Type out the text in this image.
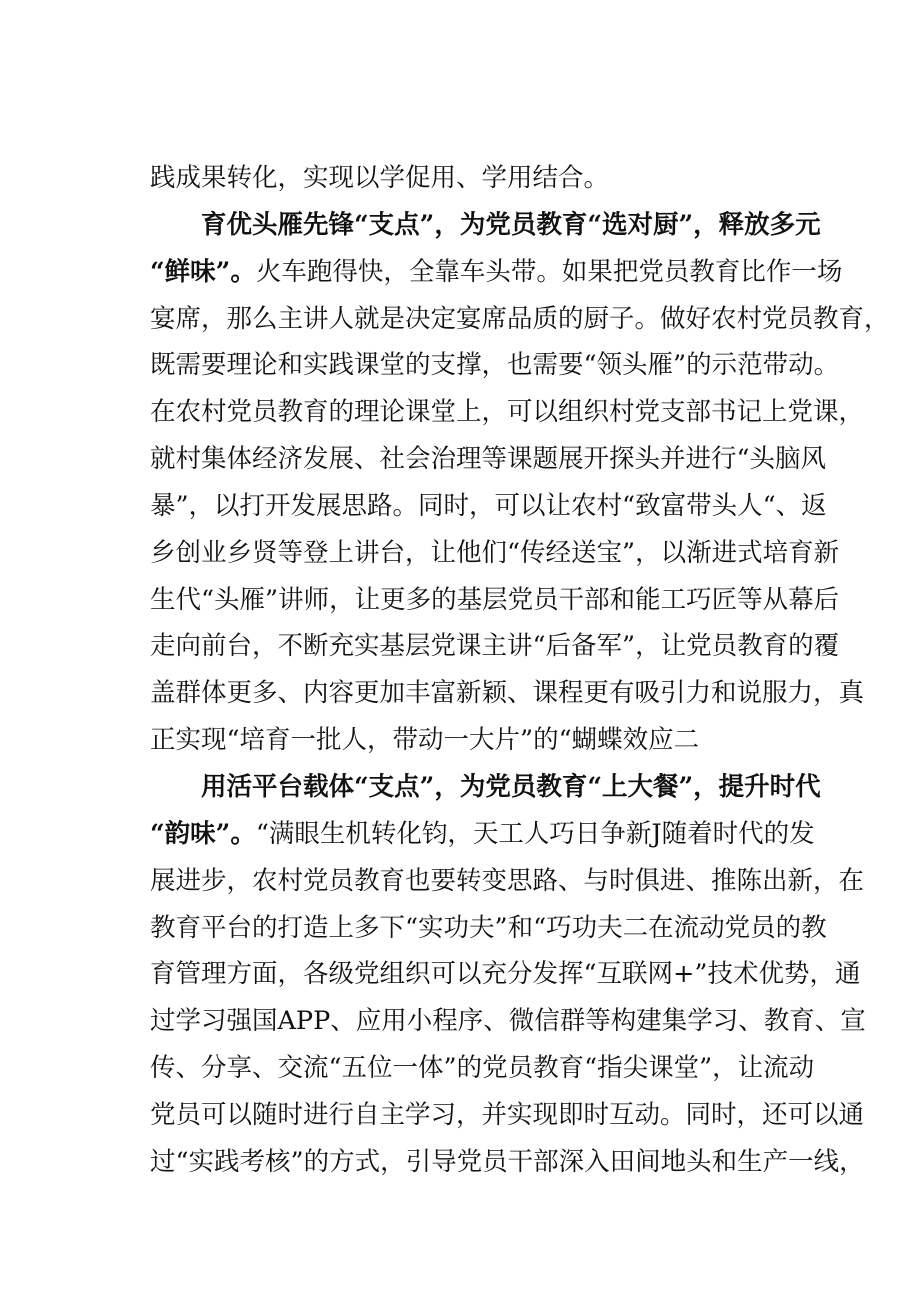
践成果转化，实现以学促用、学用结合。
育优头雁先锋“支点”，为党员教育“选对厨”，释放多元
“鲜味”。火车跑得快，全靠车头带。如果把党员教育比作一场
宴席，那么主讲人就是决定宴席品质的厨子。做好农村党员教育，
既需要理论和实践课堂的支撑，也需要“领头雁”的示范带动。
在农村党员教育的理论课堂上，可以组织村党支部书记上党课，
就村集体经济发展、社会治理等课题展开探头并进行“头脑风
暴”，以打开发展思路。同时，可以让农村“致富带头人“、返
乡创业乡贤等登上讲台，让他们“传经送宝”，以渐进式培育新
生代“头雁”讲师，让更多的基层党员干部和能工巧匠等从幕后
走向前台，不断充实基层党课主讲“后备军”，让党员教育的覆
盖群体更多、内容更加丰富新颖、课程更有吸引力和说服力，真
正实现“培育一批人，带动一大片”的“蝴蝶效应二
用活平台载体“支点”，为党员教育“上大餐”，提升时代
“韵味”。“满眼生机转化钧，天工人巧日争新J随着时代的发
展进步，农村党员教育也要转变思路、与时俱进、推陈出新，在
教育平台的打造上多下“实功夫”和“巧功夫二在流动党员的教
育管理方面，各级党组织可以充分发挥“互联网+”技术优势，通
过学习强国APP、应用小程序、微信群等构建集学习、教育、宣
传、分享、交流“五位一体”的党员教育“指尖课堂”，让流动
党员可以随时进行自主学习，并实现即时互动。同时，还可以通
过“实践考核”的方式，引导党员干部深入田间地头和生产一线，
